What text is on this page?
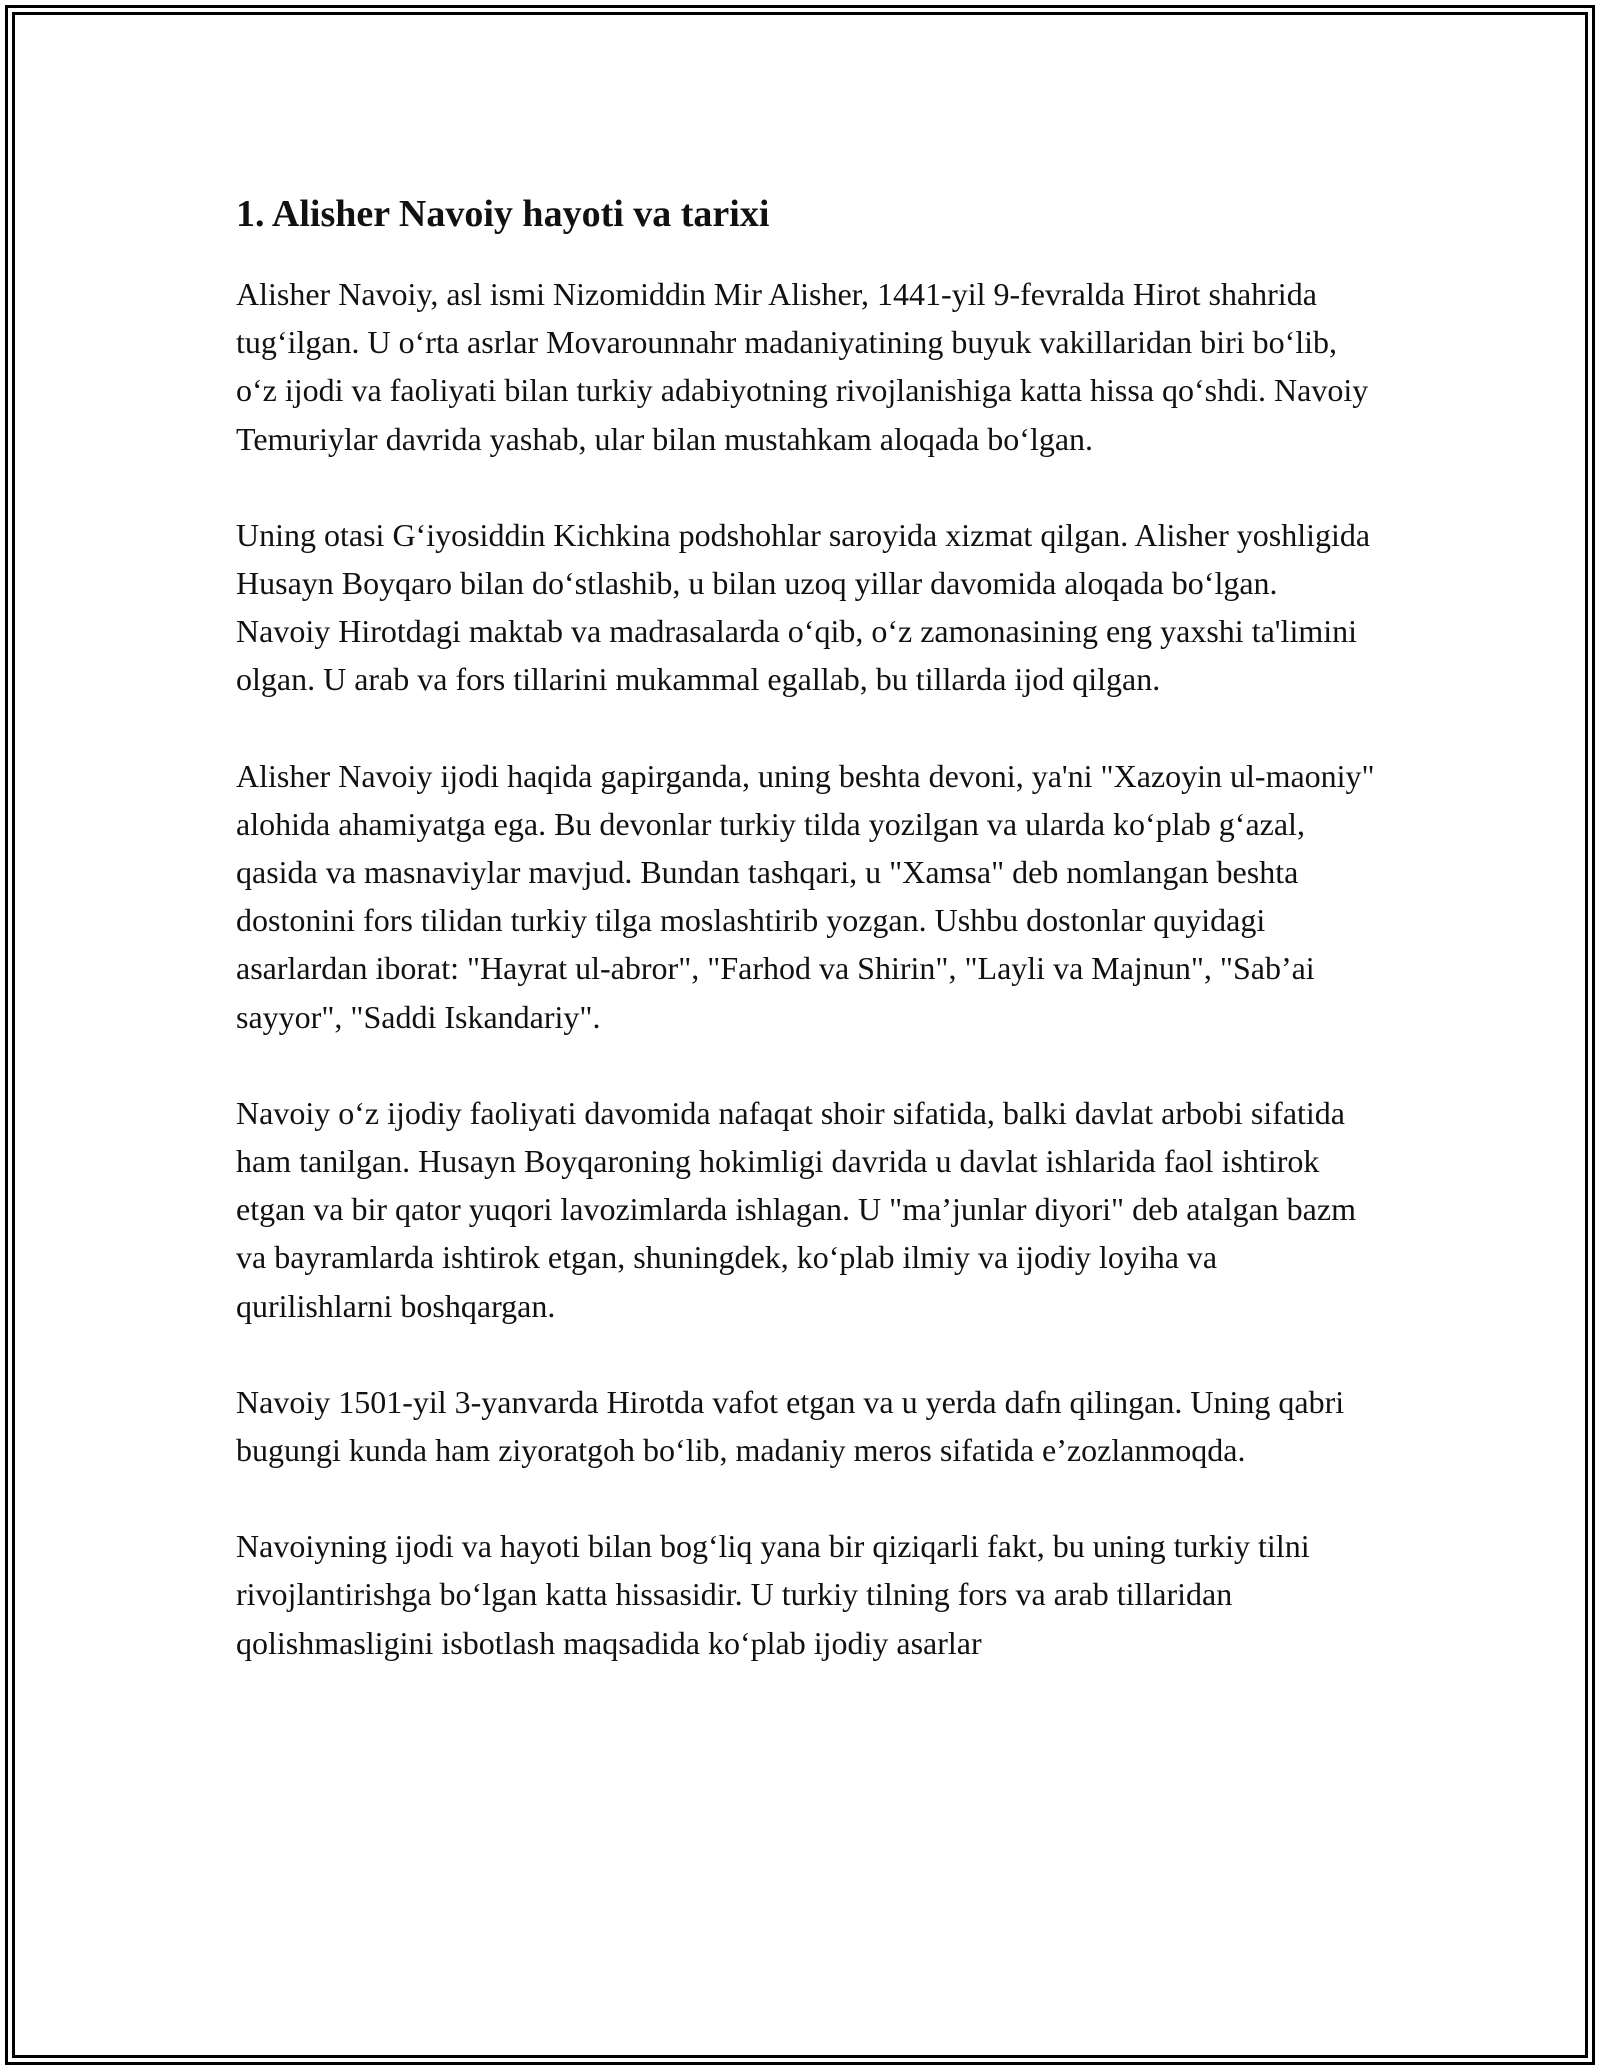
1. Alisher Navoiy hayoti va tarixi

Alisher Navoiy, asl ismi Nizomiddin Mir Alisher, 1441-yil 9-fevralda Hirot shahrida tug‘ilgan. U o‘rta asrlar Movarounnahr madaniyatining buyuk vakillaridan biri bo‘lib, o‘z ijodi va faoliyati bilan turkiy adabiyotning rivojlanishiga katta hissa qo‘shdi. Navoiy Temuriylar davrida yashab, ular bilan mustahkam aloqada bo‘lgan.

Uning otasi G‘iyosiddin Kichkina podshohlar saroyida xizmat qilgan. Alisher yoshligida Husayn Boyqaro bilan do‘stlashib, u bilan uzoq yillar davomida aloqada bo‘lgan. Navoiy Hirotdagi maktab va madrasalarda o‘qib, o‘z zamonasining eng yaxshi ta'limini olgan. U arab va fors tillarini mukammal egallab, bu tillarda ijod qilgan.

Alisher Navoiy ijodi haqida gapirganda, uning beshta devoni, ya'ni "Xazoyin ul-maoniy" alohida ahamiyatga ega. Bu devonlar turkiy tilda yozilgan va ularda ko‘plab g‘azal, qasida va masnaviylar mavjud. Bundan tashqari, u "Xamsa" deb nomlangan beshta dostonini fors tilidan turkiy tilga moslashtirib yozgan. Ushbu dostonlar quyidagi asarlardan iborat: "Hayrat ul-abror", "Farhod va Shirin", "Layli va Majnun", "Sab’ai sayyor", "Saddi Iskandariy".

Navoiy o‘z ijodiy faoliyati davomida nafaqat shoir sifatida, balki davlat arbobi sifatida ham tanilgan. Husayn Boyqaroning hokimligi davrida u davlat ishlarida faol ishtirok etgan va bir qator yuqori lavozimlarda ishlagan. U "ma’junlar diyori" deb atalgan bazm va bayramlarda ishtirok etgan, shuningdek, ko‘plab ilmiy va ijodiy loyiha va qurilishlarni boshqargan.

Navoiy 1501-yil 3-yanvarda Hirotda vafot etgan va u yerda dafn qilingan. Uning qabri bugungi kunda ham ziyoratgoh bo‘lib, madaniy meros sifatida e’zozlanmoqda.

Navoiyning ijodi va hayoti bilan bog‘liq yana bir qiziqarli fakt, bu uning turkiy tilni rivojlantirishga bo‘lgan katta hissasidir. U turkiy tilning fors va arab tillaridan qolishmasligini isbotlash maqsadida ko‘plab ijodiy asarlar
